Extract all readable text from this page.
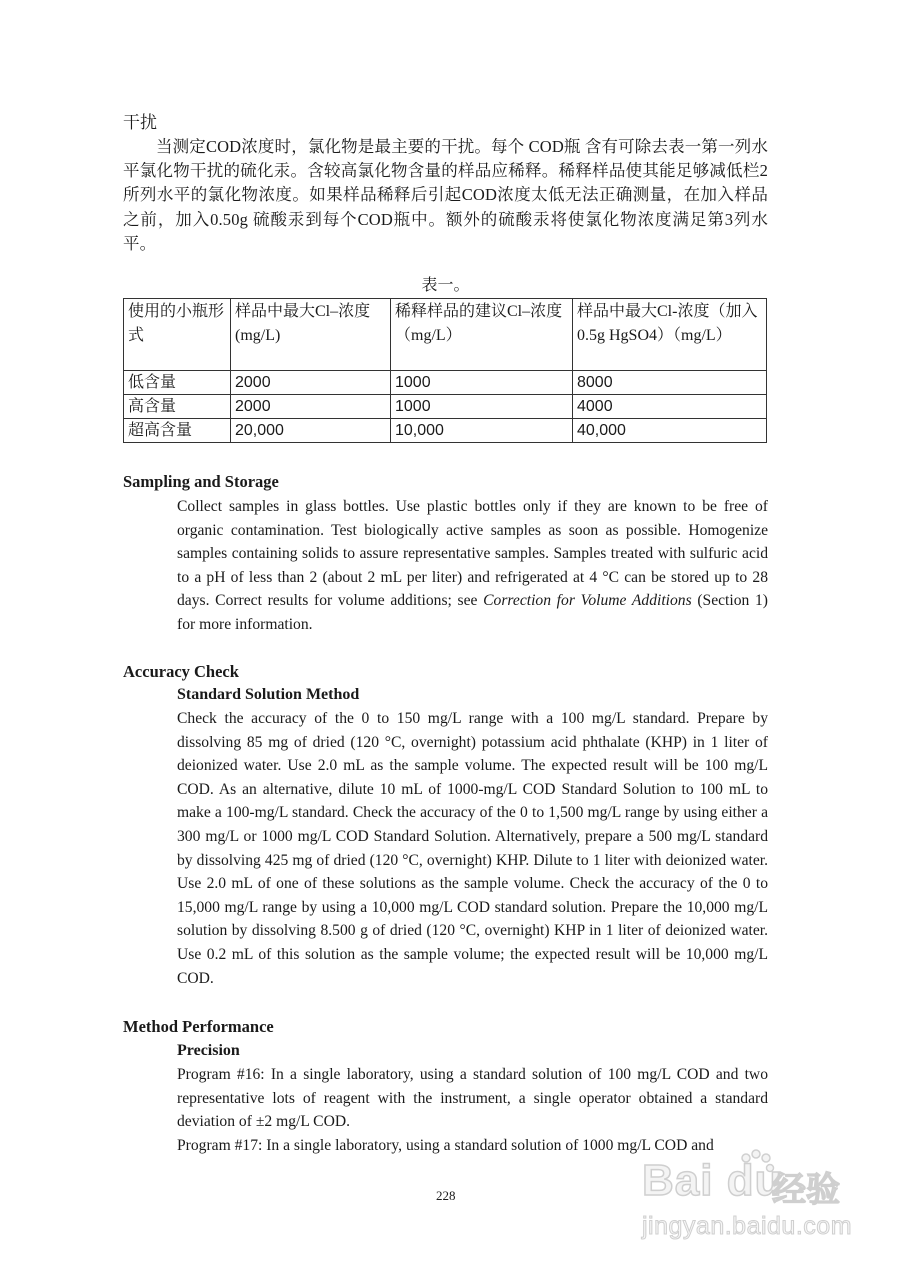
干扰

当测定COD浓度时，氯化物是最主要的干扰。每个 COD瓶 含有可除去表一第一列水平氯化物干扰的硫化汞。含较高氯化物含量的样品应稀释。稀释样品使其能足够减低栏2所列水平的氯化物浓度。如果样品稀释后引起COD浓度太低无法正确测量，在加入样品之前，加入0.50g 硫酸汞到每个COD瓶中。额外的硫酸汞将使氯化物浓度满足第3列水平。

表一。
使用的小瓶形式	样品中最大Cl–浓度(mg/L)	稀释样品的建议Cl–浓度（mg/L）	样品中最大Cl-浓度（加入0.5g HgSO4）（mg/L）
低含量	2000	1000	8000
高含量	2000	1000	4000
超高含量	20,000	10,000	40,000
Sampling and Storage

Collect samples in glass bottles. Use plastic bottles only if they are known to be free of organic contamination. Test biologically active samples as soon as possible. Homogenize samples containing solids to assure representative samples. Samples treated with sulfuric acid to a pH of less than 2 (about 2 mL per liter) and refrigerated at 4 °C can be stored up to 28 days. Correct results for volume additions; see Correction for Volume Additions (Section 1) for more information.

Accuracy Check
Standard Solution Method

Check the accuracy of the 0 to 150 mg/L range with a 100 mg/L standard. Prepare by dissolving 85 mg of dried (120 °C, overnight) potassium acid phthalate (KHP) in 1 liter of deionized water. Use 2.0 mL as the sample volume. The expected result will be 100 mg/L COD. As an alternative, dilute 10 mL of 1000-mg/L COD Standard Solution to 100 mL to make a 100-mg/L standard. Check the accuracy of the 0 to 1,500 mg/L range by using either a 300 mg/L or 1000 mg/L COD Standard Solution. Alternatively, prepare a 500 mg/L standard by dissolving 425 mg of dried (120 °C, overnight) KHP. Dilute to 1 liter with deionized water. Use 2.0 mL of one of these solutions as the sample volume. Check the accuracy of the 0 to 15,000 mg/L range by using a 10,000 mg/L COD standard solution. Prepare the 10,000 mg/L solution by dissolving 8.500 g of dried (120 °C, overnight) KHP in 1 liter of deionized water. Use 0.2 mL of this solution as the sample volume; the expected result will be 10,000 mg/L COD.

Method Performance
Precision

Program #16: In a single laboratory, using a standard solution of 100 mg/L COD and two representative lots of reagent with the instrument, a single operator obtained a standard deviation of ±2 mg/L COD.

Program #17: In a single laboratory, using a standard solution of 1000 mg/L COD and

228	Bai du
经验
jingyan.baidu.com
